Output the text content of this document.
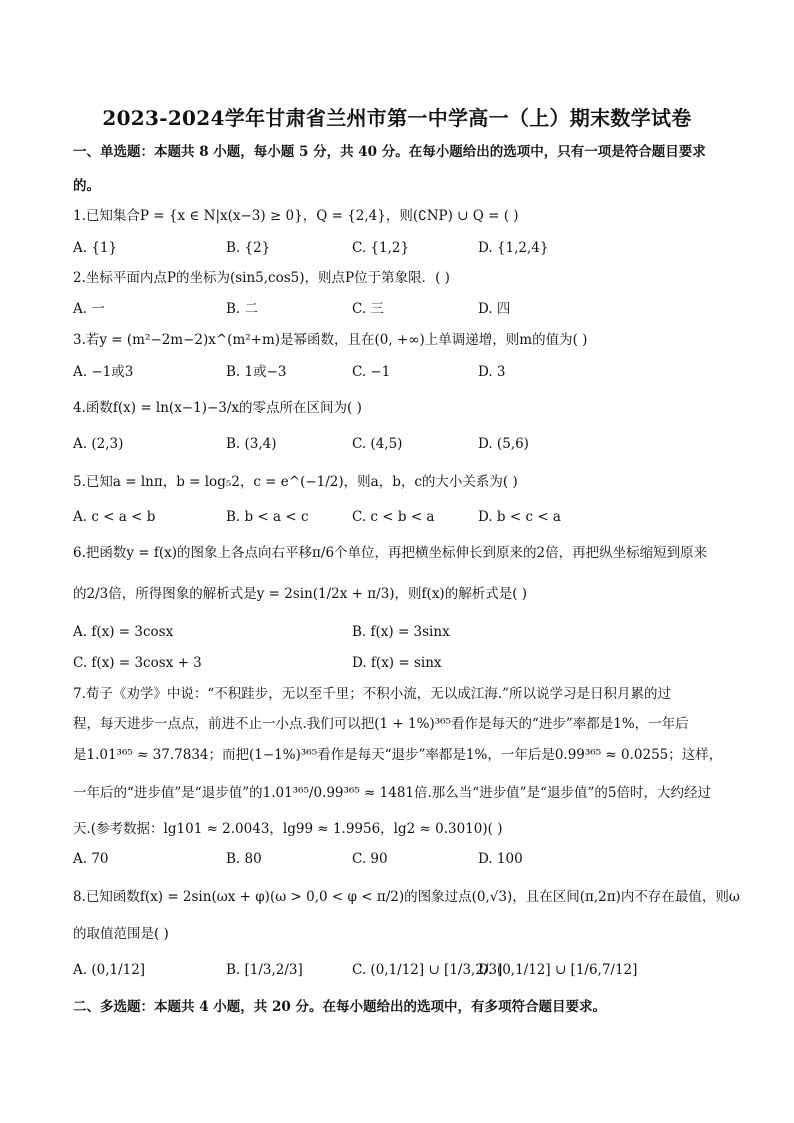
2023-2024学年甘肃省兰州市第一中学高一（上）期末数学试卷
一、单选题：本题共 8 小题，每小题 5 分，共 40 分。在每小题给出的选项中，只有一项是符合题目要求
的。
1.已知集合P = {x ∈ N|x(x−3) ≥ 0}，Q = {2,4}，则(∁NP) ∪ Q = ( )
A. {1}	B. {2}	C. {1,2}	D. {1,2,4}
2.坐标平面内点P的坐标为(sin5,cos5)，则点P位于第象限．( )
A. 一	B. 二	C. 三	D. 四
3.若y = (m²−2m−2)x^(m²+m)是幂函数，且在(0, +∞)上单调递增，则m的值为( )
A. −1或3	B. 1或−3	C. −1	D. 3
4.函数f(x) = ln(x−1)−3/x的零点所在区间为( )
A. (2,3)	B. (3,4)	C. (4,5)	D. (5,6)
5.已知a = lnπ，b = log₅2，c = e^(−1/2)，则a，b，c的大小关系为( )
A. c < a < b	B. b < a < c	C. c < b < a	D. b < c < a
6.把函数y = f(x)的图象上各点向右平移π/6个单位，再把横坐标伸长到原来的2倍，再把纵坐标缩短到原来
的2/3倍，所得图象的解析式是y = 2sin(1/2x + π/3)，则f(x)的解析式是( )
A. f(x) = 3cosx	B. f(x) = 3sinx
C. f(x) = 3cosx + 3	D. f(x) = sinx
7.荀子《劝学》中说：“不积跬步，无以至千里；不积小流，无以成江海.”所以说学习是日积月累的过
程，每天进步一点点，前进不止一小点.我们可以把(1 + 1%)³⁶⁵看作是每天的“进步”率都是1%，一年后
是1.01³⁶⁵ ≈ 37.7834；而把(1−1%)³⁶⁵看作是每天“退步”率都是1%，一年后是0.99³⁶⁵ ≈ 0.0255；这样，
一年后的“进步值”是“退步值”的1.01³⁶⁵/0.99³⁶⁵ ≈ 1481倍.那么当“进步值”是“退步值”的5倍时，大约经过
天.(参考数据：lg101 ≈ 2.0043，lg99 ≈ 1.9956，lg2 ≈ 0.3010)( )
A. 70	B. 80	C. 90	D. 100
8.已知函数f(x) = 2sin(ωx + φ)(ω > 0,0 < φ < π/2)的图象过点(0,√3)，且在区间(π,2π)内不存在最值，则ω
的取值范围是( )
A. (0,1/12]	B. [1/3,2/3]	C. (0,1/12] ∪ [1/3,2/3]
D. (0,1/12] ∪ [1/6,7/12]
二、多选题：本题共 4 小题，共 20 分。在每小题给出的选项中，有多项符合题目要求。
